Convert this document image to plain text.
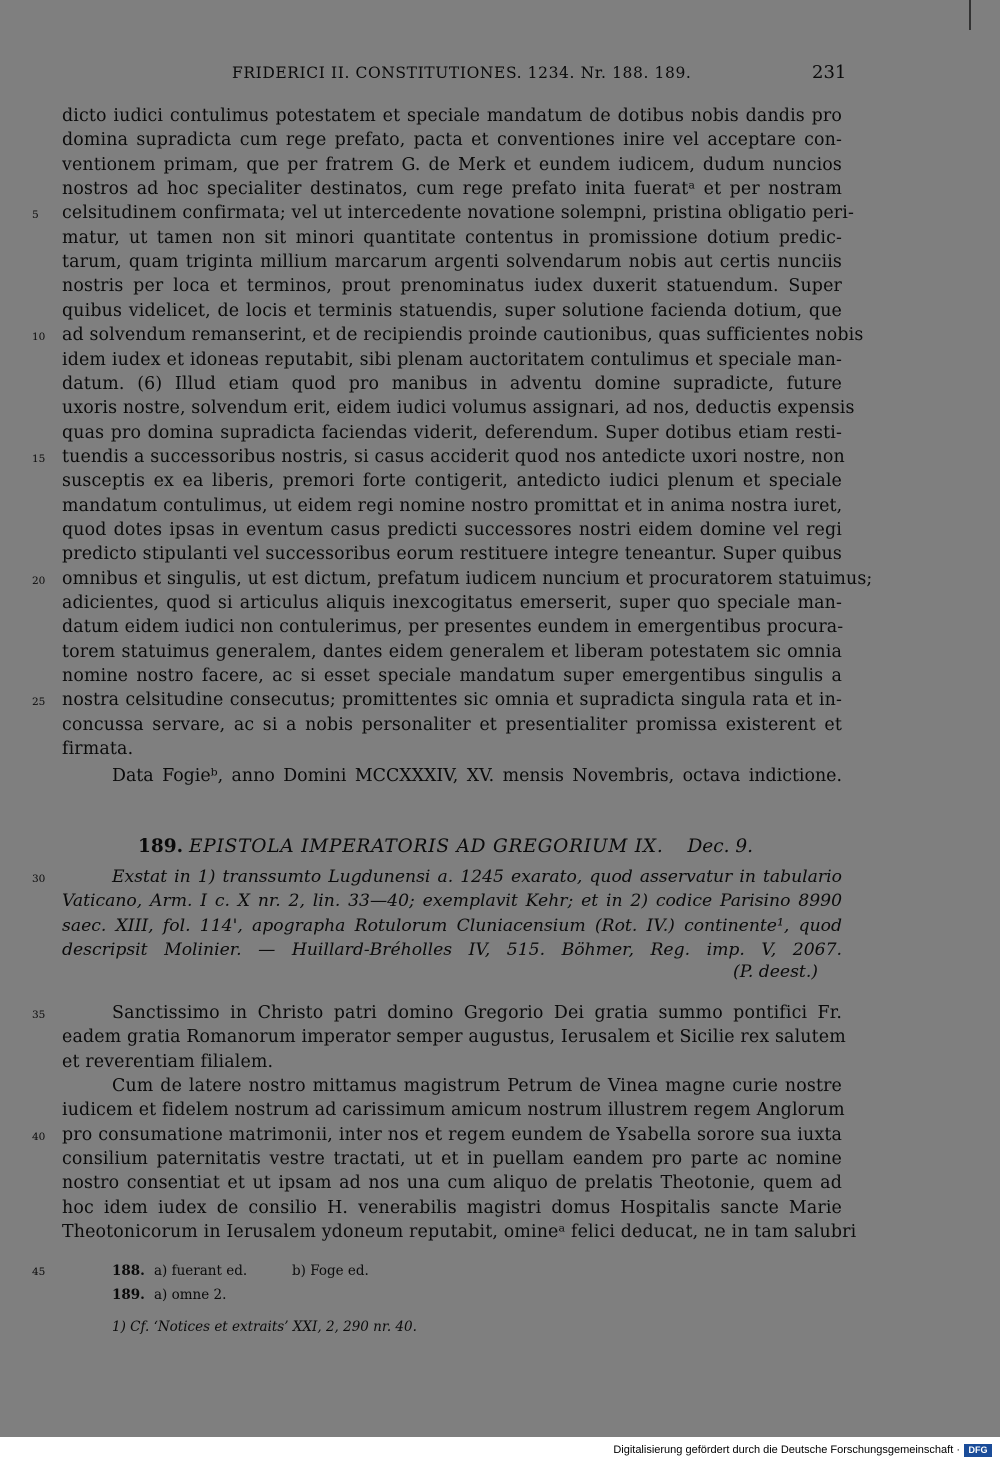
FRIDERICI II. CONSTITUTIONES. 1234. Nr. 188. 189.	231
dicto iudici contulimus potestatem et speciale mandatum de dotibus nobis dandis pro
domina supradicta cum rege prefato, pacta et conventiones inire vel acceptare con-
ventionem primam, que per fratrem G. de Merk et eundem iudicem, dudum nuncios
nostros ad hoc specialiter destinatos, cum rege prefato inita fueratᵃ et per nostram
celsitudinem confirmata; vel ut intercedente novatione solempni, pristina obligatio peri-
5
matur, ut tamen non sit minori quantitate contentus in promissione dotium predic-
tarum, quam triginta millium marcarum argenti solvendarum nobis aut certis nunciis
nostris per loca et terminos, prout prenominatus iudex duxerit statuendum. Super
quibus videlicet, de locis et terminis statuendis, super solutione facienda dotium, que
ad solvendum remanserint, et de recipiendis proinde cautionibus, quas sufficientes nobis
10
idem iudex et idoneas reputabit, sibi plenam auctoritatem contulimus et speciale man-
datum. (6) Illud etiam quod pro manibus in adventu domine supradicte, future
uxoris nostre, solvendum erit, eidem iudici volumus assignari, ad nos, deductis expensis
quas pro domina supradicta faciendas viderit, deferendum. Super dotibus etiam resti-
tuendis a successoribus nostris, si casus acciderit quod nos antedicte uxori nostre, non
15
susceptis ex ea liberis, premori forte contigerit, antedicto iudici plenum et speciale
mandatum contulimus, ut eidem regi nomine nostro promittat et in anima nostra iuret,
quod dotes ipsas in eventum casus predicti successores nostri eidem domine vel regi
predicto stipulanti vel successoribus eorum restituere integre teneantur. Super quibus
omnibus et singulis, ut est dictum, prefatum iudicem nuncium et procuratorem statuimus;
20
adicientes, quod si articulus aliquis inexcogitatus emerserit, super quo speciale man-
datum eidem iudici non contulerimus, per presentes eundem in emergentibus procura-
torem statuimus generalem, dantes eidem generalem et liberam potestatem sic omnia
nomine nostro facere, ac si esset speciale mandatum super emergentibus singulis a
nostra celsitudine consecutus; promittentes sic omnia et supradicta singula rata et in-
25
concussa servare, ac si a nobis personaliter et presentialiter promissa existerent et
firmata.
Data Fogieᵇ, anno Domini MCCXXXIV, XV. mensis Novembris, octava indictione.
189. EPISTOLA IMPERATORIS AD GREGORIUM IX. Dec. 9.
Exstat in 1) transsumto Lugdunensi a. 1245 exarato, quod asservatur in tabulario
30
Vaticano, Arm. I c. X nr. 2, lin. 33—40; exemplavit Kehr; et in 2) codice Parisino 8990
saec. XIII, fol. 114', apographa Rotulorum Cluniacensium (Rot. IV.) continente¹, quod
descripsit Molinier. — Huillard-Bréholles IV, 515. Böhmer, Reg. imp. V, 2067.
(P. deest.)
Sanctissimo in Christo patri domino Gregorio Dei gratia summo pontifici Fr.
35
eadem gratia Romanorum imperator semper augustus, Ierusalem et Sicilie rex salutem
et reverentiam filialem.
Cum de latere nostro mittamus magistrum Petrum de Vinea magne curie nostre
iudicem et fidelem nostrum ad carissimum amicum nostrum illustrem regem Anglorum
pro consumatione matrimonii, inter nos et regem eundem de Ysabella sorore sua iuxta
40
consilium paternitatis vestre tractati, ut et in puellam eandem pro parte ac nomine
nostro consentiat et ut ipsam ad nos una cum aliquo de prelatis Theotonie, quem ad
hoc idem iudex de consilio H. venerabilis magistri domus Hospitalis sancte Marie
Theotonicorum in Ierusalem ydoneum reputabit, omineᵃ felici deducat, ne in tam salubri
45	188. a) fuerant ed.	b) Foge ed.
189. a) omne 2.
1) Cf. ‘Notices et extraits’ XXI, 2, 290 nr. 40.
Digitalisierung gefördert durch die Deutsche Forschungsgemeinschaft · DFG
